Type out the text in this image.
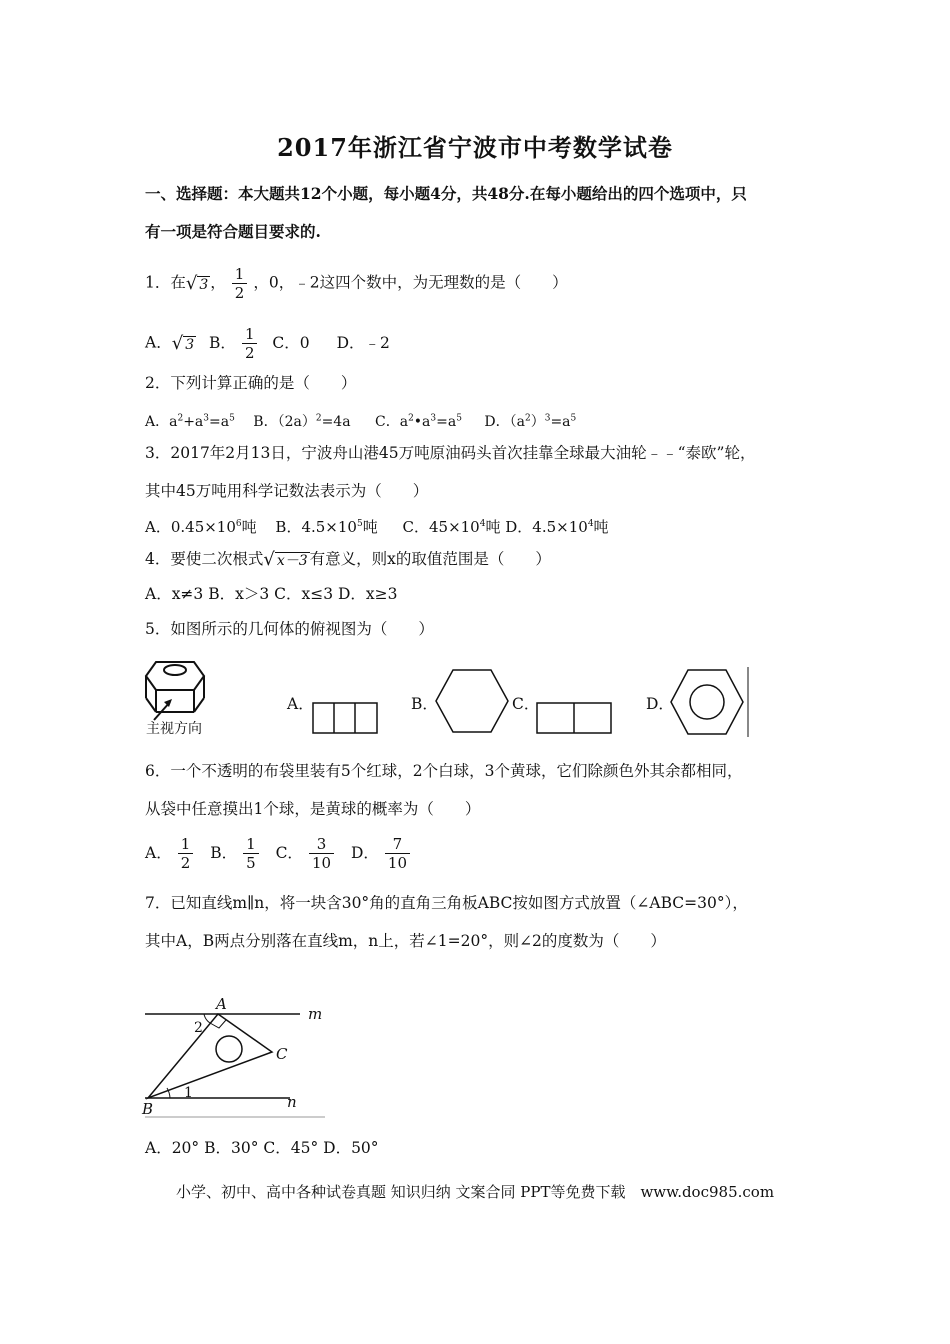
2017年浙江省宁波市中考数学试卷
一、选择题：本大题共12个小题，每小题4分，共48分.在每小题给出的四个选项中，只
有一项是符合题目要求的.
1．在 √ 3 ， $\frac{1}{2}$ ，0，﹣2这四个数中，为无理数的是（　　）
A． √ 3 B． $\frac{1}{2}$ C．0 D．﹣2
2．下列计算正确的是（　　）
A．$a^2+a^3=a^5$ B．$(2a)^2=4a$ C．$a^2•a^3=a^5$ D．$(a^2)^3=a^5$
3．2017年2月13日，宁波舟山港45万吨原油码头首次挂靠全球最大油轮﹣﹣“泰欧”轮，
其中45万吨用科学记数法表示为（　　）
A．$0.45\times 10^6$吨 B．$4.5\times 10^5$吨 C．$45\times 10^4$吨 D．$4.5\times 10^4$吨
4．要使二次根式 √ x－3 有意义，则x的取值范围是（　　）
A．x≠3 B．x＞3 C．x≤3 D．x≥3
5．如图所示的几何体的俯视图为（　　）
主视方向
A．	B．	C．	D．
6．一个不透明的布袋里装有5个红球，2个白球，3个黄球，它们除颜色外其余都相同，
从袋中任意摸出1个球，是黄球的概率为（　　）
A． $\frac{1}{2}$ B． $\frac{1}{5}$ C． $\frac{3}{10}$ D． $\frac{7}{10}$
7．已知直线m∥n，将一块含30°角的直角三角板ABC按如图方式放置（∠ABC=30°），
其中A，B两点分别落在直线m，n上，若∠1=20°，则∠2的度数为（　　）
A
B
C
m
n
1
2
A．20° B．30° C．45° D．50°
小学、初中、高中各种试卷真题 知识归纳 文案合同 PPT等免费下载　www.doc985.com
